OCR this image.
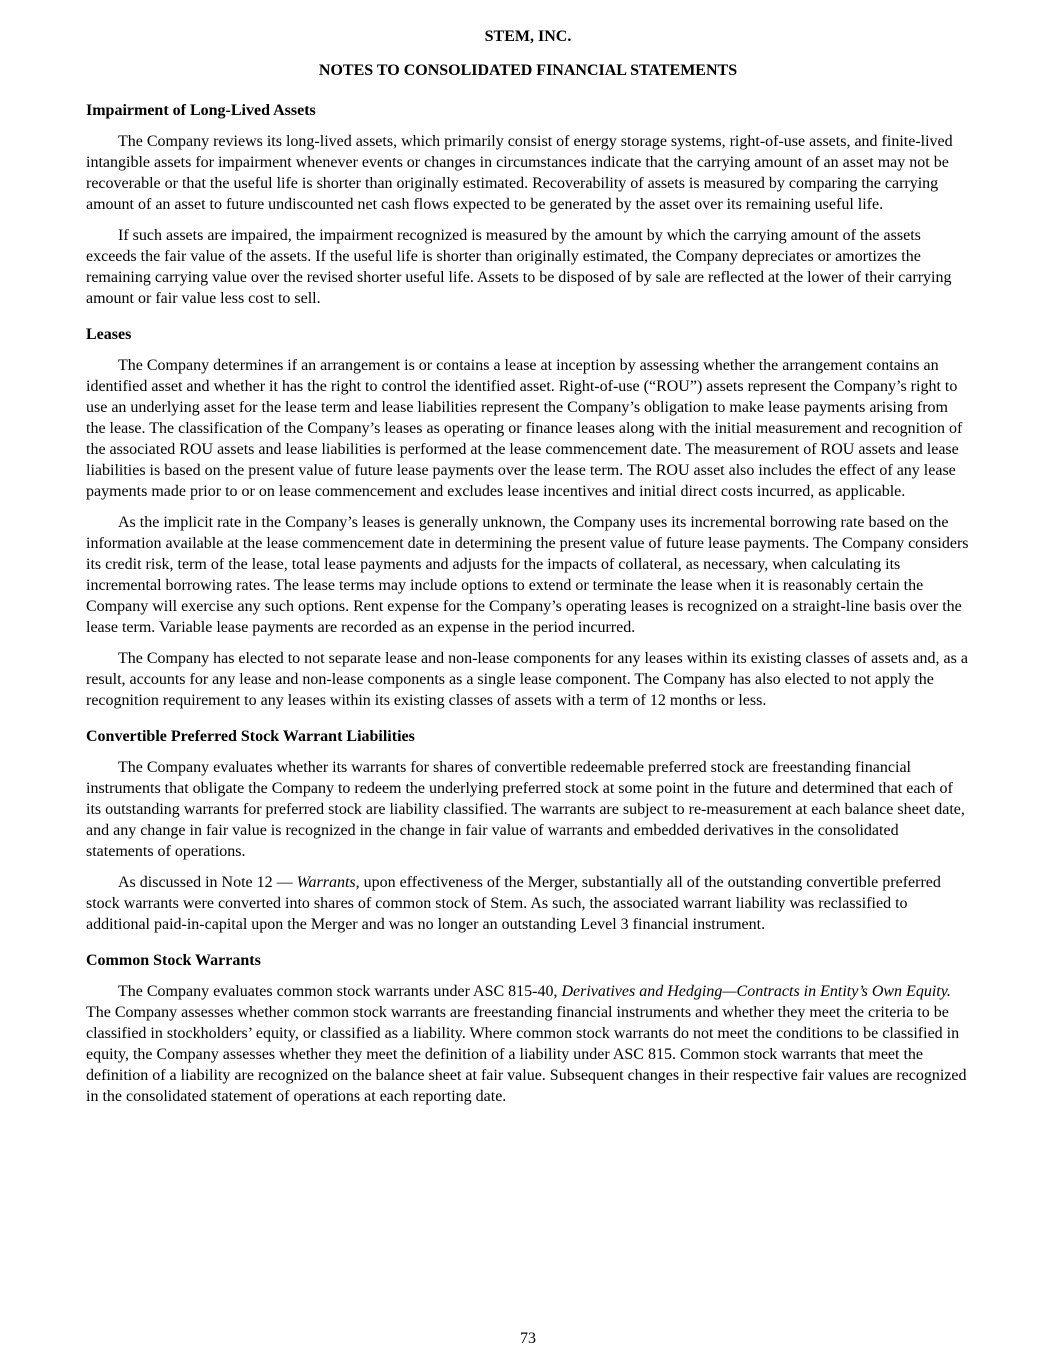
STEM, INC.
NOTES TO CONSOLIDATED FINANCIAL STATEMENTS
Impairment of Long-Lived Assets

The Company reviews its long-lived assets, which primarily consist of energy storage systems, right-of-use assets, and finite-lived intangible assets for impairment whenever events or changes in circumstances indicate that the carrying amount of an asset may not be recoverable or that the useful life is shorter than originally estimated. Recoverability of assets is measured by comparing the carrying amount of an asset to future undiscounted net cash flows expected to be generated by the asset over its remaining useful life.

If such assets are impaired, the impairment recognized is measured by the amount by which the carrying amount of the assets exceeds the fair value of the assets. If the useful life is shorter than originally estimated, the Company depreciates or amortizes the remaining carrying value over the revised shorter useful life. Assets to be disposed of by sale are reflected at the lower of their carrying amount or fair value less cost to sell.

Leases

The Company determines if an arrangement is or contains a lease at inception by assessing whether the arrangement contains an identified asset and whether it has the right to control the identified asset. Right-of-use (“ROU”) assets represent the Company’s right to use an underlying asset for the lease term and lease liabilities represent the Company’s obligation to make lease payments arising from the lease. The classification of the Company’s leases as operating or finance leases along with the initial measurement and recognition of the associated ROU assets and lease liabilities is performed at the lease commencement date. The measurement of ROU assets and lease liabilities is based on the present value of future lease payments over the lease term. The ROU asset also includes the effect of any lease payments made prior to or on lease commencement and excludes lease incentives and initial direct costs incurred, as applicable.

As the implicit rate in the Company’s leases is generally unknown, the Company uses its incremental borrowing rate based on the information available at the lease commencement date in determining the present value of future lease payments. The Company considers its credit risk, term of the lease, total lease payments and adjusts for the impacts of collateral, as necessary, when calculating its incremental borrowing rates. The lease terms may include options to extend or terminate the lease when it is reasonably certain the Company will exercise any such options. Rent expense for the Company’s operating leases is recognized on a straight-line basis over the lease term. Variable lease payments are recorded as an expense in the period incurred.

The Company has elected to not separate lease and non-lease components for any leases within its existing classes of assets and, as a result, accounts for any lease and non-lease components as a single lease component. The Company has also elected to not apply the recognition requirement to any leases within its existing classes of assets with a term of 12 months or less.

Convertible Preferred Stock Warrant Liabilities

The Company evaluates whether its warrants for shares of convertible redeemable preferred stock are freestanding financial instruments that obligate the Company to redeem the underlying preferred stock at some point in the future and determined that each of its outstanding warrants for preferred stock are liability classified. The warrants are subject to re-measurement at each balance sheet date, and any change in fair value is recognized in the change in fair value of warrants and embedded derivatives in the consolidated statements of operations.

As discussed in Note 12 — Warrants, upon effectiveness of the Merger, substantially all of the outstanding convertible preferred stock warrants were converted into shares of common stock of Stem. As such, the associated warrant liability was reclassified to additional paid-in-capital upon the Merger and was no longer an outstanding Level 3 financial instrument.

Common Stock Warrants

The Company evaluates common stock warrants under ASC 815-40, Derivatives and Hedging—Contracts in Entity’s Own Equity. The Company assesses whether common stock warrants are freestanding financial instruments and whether they meet the criteria to be classified in stockholders’ equity, or classified as a liability. Where common stock warrants do not meet the conditions to be classified in equity, the Company assesses whether they meet the definition of a liability under ASC 815. Common stock warrants that meet the definition of a liability are recognized on the balance sheet at fair value. Subsequent changes in their respective fair values are recognized in the consolidated statement of operations at each reporting date.

73
